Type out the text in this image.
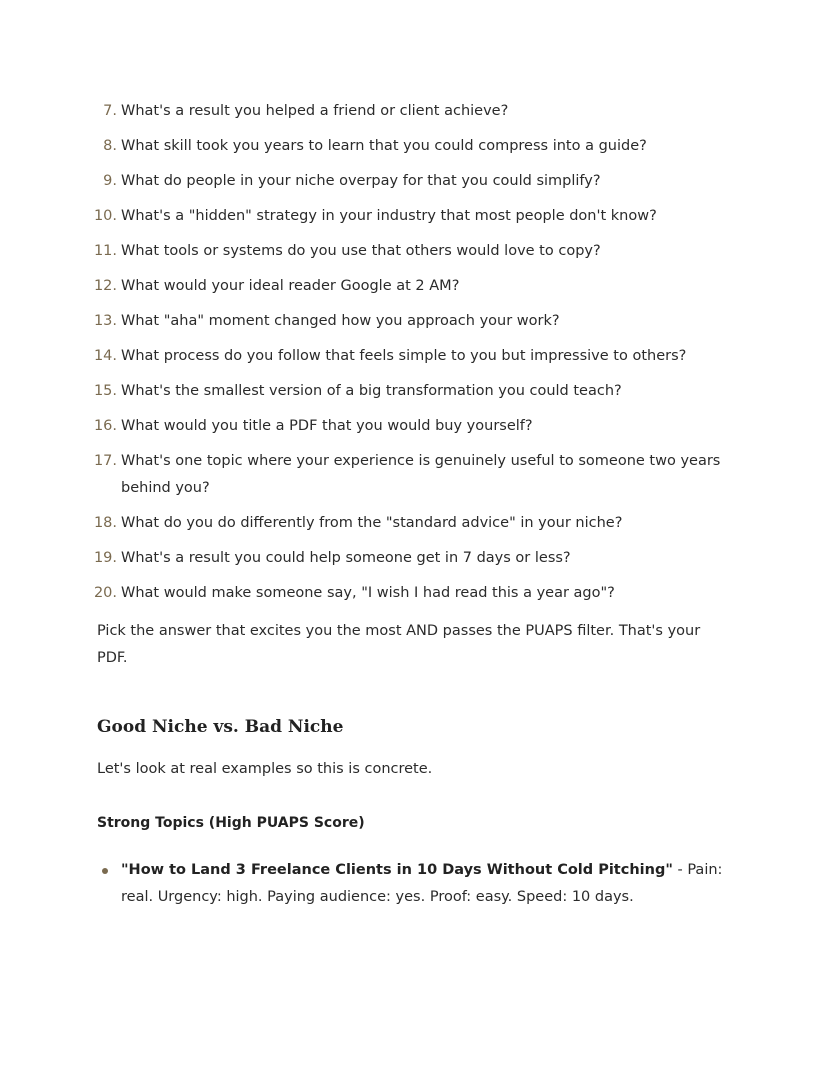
7. What's a result you helped a friend or client achieve?
8. What skill took you years to learn that you could compress into a guide?
9. What do people in your niche overpay for that you could simplify?
10. What's a "hidden" strategy in your industry that most people don't know?
11. What tools or systems do you use that others would love to copy?
12. What would your ideal reader Google at 2 AM?
13. What "aha" moment changed how you approach your work?
14. What process do you follow that feels simple to you but impressive to others?
15. What's the smallest version of a big transformation you could teach?
16. What would you title a PDF that you would buy yourself?
17. What's one topic where your experience is genuinely useful to someone two years behind you?
18. What do you do differently from the "standard advice" in your niche?
19. What's a result you could help someone get in 7 days or less?
20. What would make someone say, "I wish I had read this a year ago"?

Pick the answer that excites you the most AND passes the PUAPS filter. That's your PDF.

Good Niche vs. Bad Niche

Let's look at real examples so this is concrete.

Strong Topics (High PUAPS Score)
"How to Land 3 Freelance Clients in 10 Days Without Cold Pitching" - Pain: real. Urgency: high. Paying audience: yes. Proof: easy. Speed: 10 days.
